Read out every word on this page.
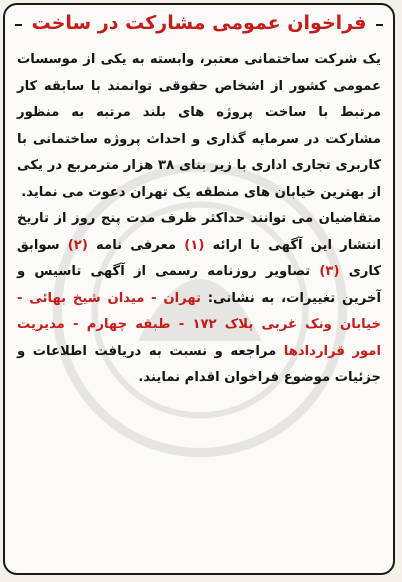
فراخوان عمومی مشارکت در ساخت

یک شرکت ساختمانی معتبر، وابسته به یکی از موسسات عمومی کشور از اشخاص حقوقی توانمند با سابقه کار مرتبط با ساخت پروژه های بلند مرتبه به منظور مشارکت در سرمایه گذاری و احداث پروژه ساختمانی با کاربری تجاری اداری با زیر بنای ۳۸ هزار مترمربع در یکی از بهترین خیابان های منطقه یک تهران دعوت می نماید.

متقاضیان می توانند حداکثر ظرف مدت پنج روز از تاریخ انتشار این آگهی با ارائه (۱) معرفی نامه (۲) سوابق کاری (۳) تصاویر روزنامه رسمی از آگهی تاسیس و آخرین تغییرات، به نشانی: تهران - میدان شیخ بهائی - خیابان ونک غربی پلاک ۱۷۲ - طبقه چهارم - مدیریت امور قراردادها مراجعه و نسبت به دریافت اطلاعات و جزئیات موضوع فراخوان اقدام نمایند.
